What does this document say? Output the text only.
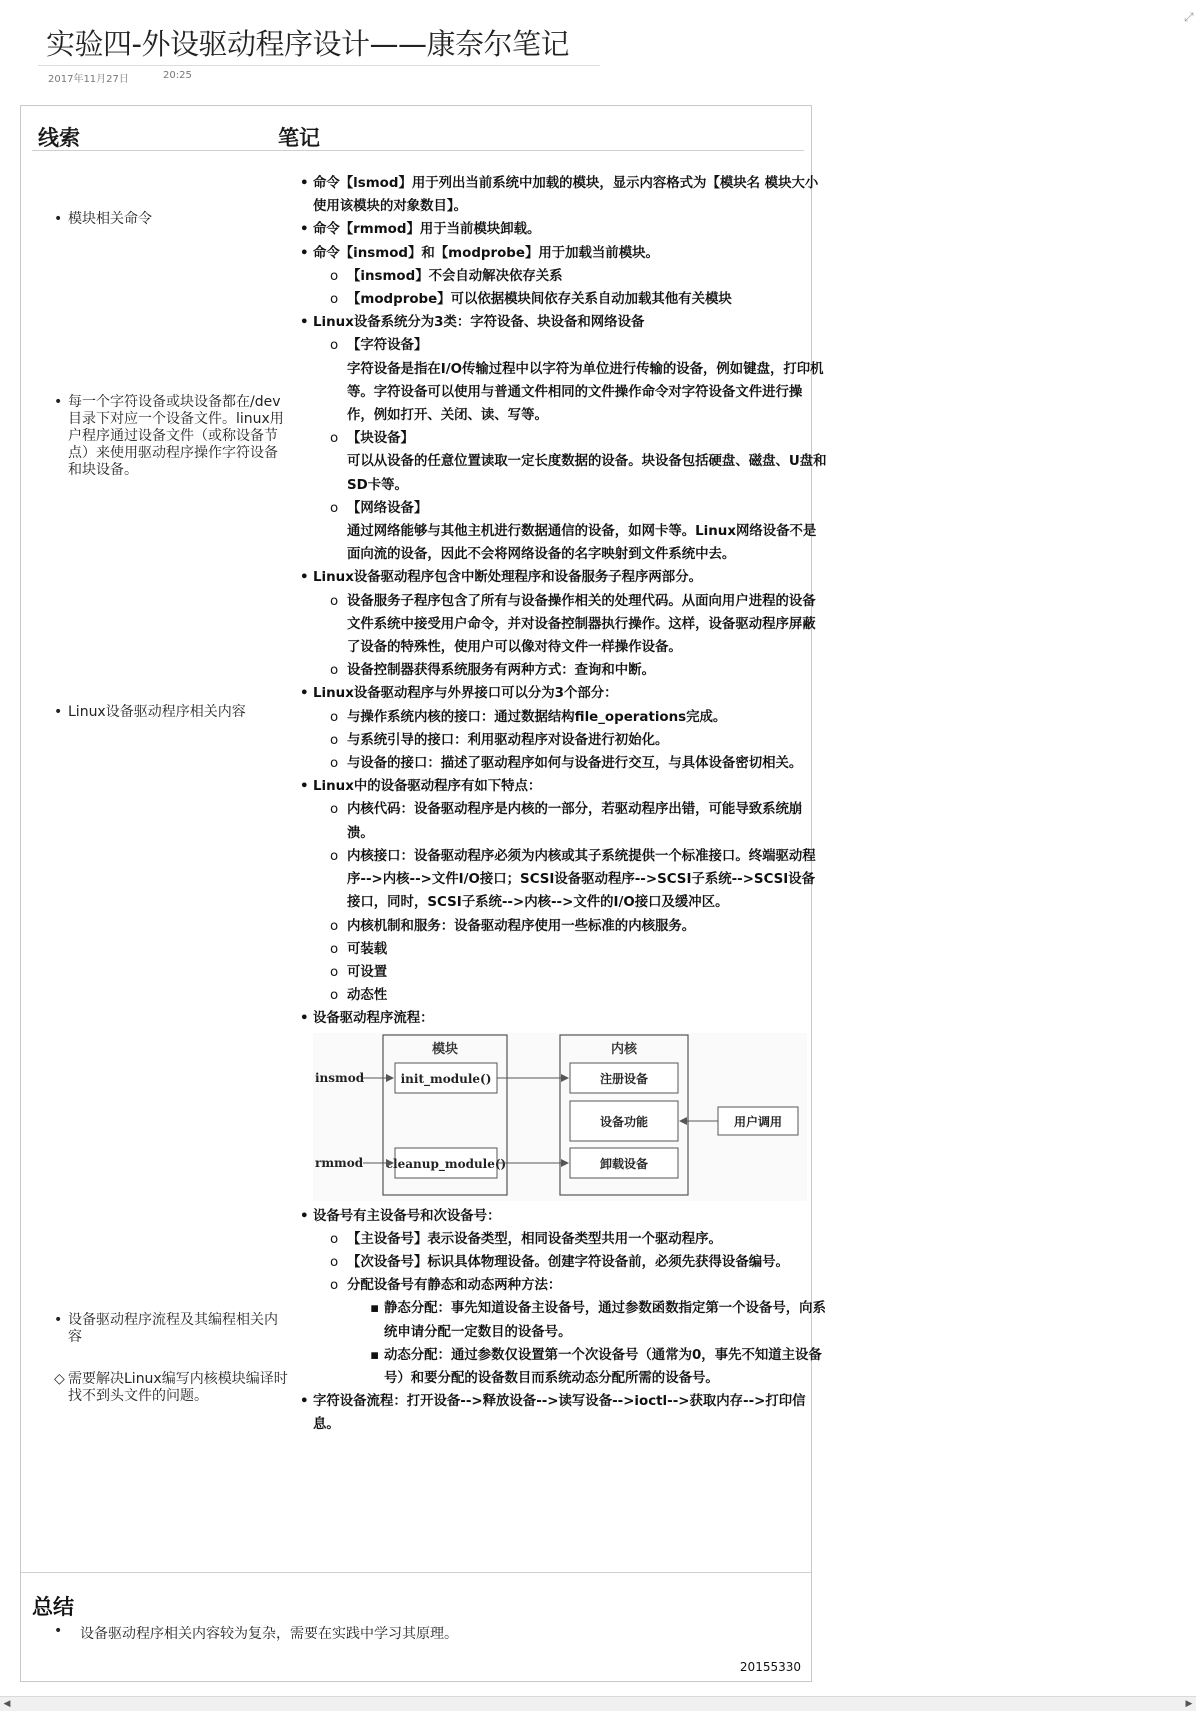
实验四-外设驱动程序设计——康奈尔笔记
2017年11月27日	20:25
⤢
线索	笔记
• 模块相关命令
• 每一个字符设备或块设备都在/dev目录下对应一个设备文件。linux用户程序通过设备文件（或称设备节点）来使用驱动程序操作字符设备和块设备。
• Linux设备驱动程序相关内容
• 设备驱动程序流程及其编程相关内容
◇ 需要解决Linux编写内核模块编译时找不到头文件的问题。
• 命令【lsmod】用于列出当前系统中加载的模块，显示内容格式为【模块名 模块大小 使用该模块的对象数目】。
• 命令【rmmod】用于当前模块卸载。
• 命令【insmod】和【modprobe】用于加载当前模块。
o 【insmod】不会自动解决依存关系
o 【modprobe】可以依据模块间依存关系自动加载其他有关模块
• Linux设备系统分为3类：字符设备、块设备和网络设备
o 【字符设备】
字符设备是指在I/O传输过程中以字符为单位进行传输的设备，例如键盘，打印机等。字符设备可以使用与普通文件相同的文件操作命令对字符设备文件进行操作，例如打开、关闭、读、写等。
o 【块设备】
可以从设备的任意位置读取一定长度数据的设备。块设备包括硬盘、磁盘、U盘和SD卡等。
o 【网络设备】
通过网络能够与其他主机进行数据通信的设备，如网卡等。Linux网络设备不是面向流的设备，因此不会将网络设备的名字映射到文件系统中去。
• Linux设备驱动程序包含中断处理程序和设备服务子程序两部分。
o 设备服务子程序包含了所有与设备操作相关的处理代码。从面向用户进程的设备文件系统中接受用户命令，并对设备控制器执行操作。这样，设备驱动程序屏蔽了设备的特殊性，使用户可以像对待文件一样操作设备。
o 设备控制器获得系统服务有两种方式：查询和中断。
• Linux设备驱动程序与外界接口可以分为3个部分：
o 与操作系统内核的接口：通过数据结构file_operations完成。
o 与系统引导的接口：利用驱动程序对设备进行初始化。
o 与设备的接口：描述了驱动程序如何与设备进行交互，与具体设备密切相关。
• Linux中的设备驱动程序有如下特点：
o 内核代码：设备驱动程序是内核的一部分，若驱动程序出错，可能导致系统崩溃。
o 内核接口：设备驱动程序必须为内核或其子系统提供一个标准接口。终端驱动程序-->内核-->文件I/O接口；SCSI设备驱动程序-->SCSI子系统-->SCSI设备接口，同时，SCSI子系统-->内核-->文件的I/O接口及缓冲区。
o 内核机制和服务：设备驱动程序使用一些标准的内核服务。
o 可装载
o 可设置
o 动态性
• 设备驱动程序流程：
模块	内核
init_module()
cleanup_module()
注册设备
设备功能
卸载设备
用户调用
insmod
rmmod
• 设备号有主设备号和次设备号：
o 【主设备号】表示设备类型，相同设备类型共用一个驱动程序。
o 【次设备号】标识具体物理设备。创建字符设备前，必须先获得设备编号。
o 分配设备号有静态和动态两种方法：
▪ 静态分配：事先知道设备主设备号，通过参数函数指定第一个设备号，向系统申请分配一定数目的设备号。
▪ 动态分配：通过参数仅设置第一个次设备号（通常为0，事先不知道主设备号）和要分配的设备数目而系统动态分配所需的设备号。
• 字符设备流程：打开设备-->释放设备-->读写设备-->ioctl-->获取内存-->打印信息。
总结
• 设备驱动程序相关内容较为复杂，需要在实践中学习其原理。
20155330
◀	▶
